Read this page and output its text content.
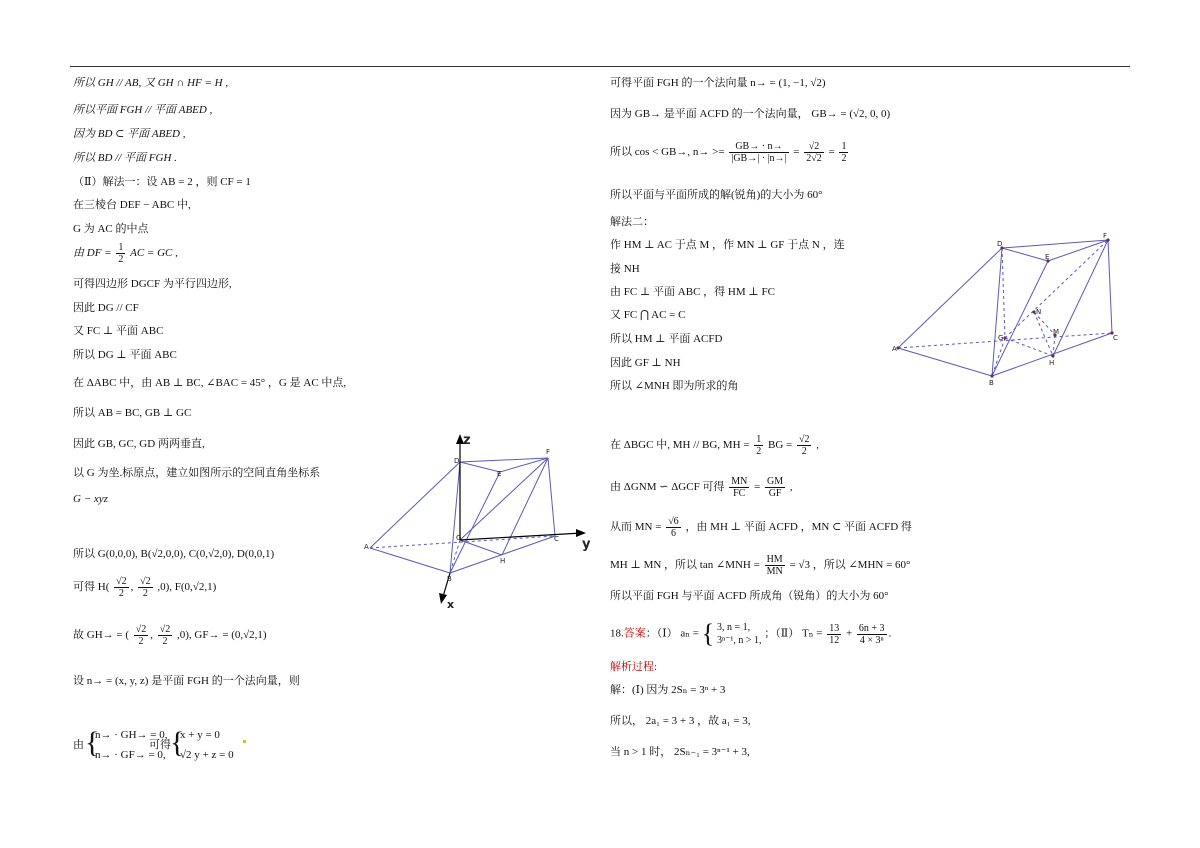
所以 GH // AB, 又 GH ∩ HF = H ,
所以平面 FGH // 平面 ABED ,
因为 BD ⊂ 平面 ABED ,
所以 BD // 平面 FGH .
（Ⅱ）解法一：设 AB = 2 ，则 CF = 1
在三棱台 DEF − ABC 中,
G 为 AC 的中点
由 DF = $\frac{1}{2}$ AC = GC ,
可得四边形 DGCF 为平行四边形,
因此 DG // CF
又 FC ⊥ 平面 ABC
所以 DG ⊥ 平面 ABC
在 ΔABC 中，由 AB ⊥ BC, ∠BAC = 45° ，G 是 AC 中点,
所以 AB = BC, GB ⊥ GC
因此 GB, GC, GD 两两垂直,
以 G 为坐.标原点，建立如图所示的空间直角坐标系
G − xyz
所以 G(0,0,0), B(√2,0,0), C(0,√2,0), D(0,0,1)
可得 $H( \frac{√2}{2}$ , $\frac{√2}{2} ,0$), F(0,√2,1)
故 GH→ = ( $\frac{√2}{2}$ , $\frac{√2}{2} ,0$), GF→ = (0,√2,1)
设 n→ = (x, y, z) 是平面 FGH 的一个法向量，则
由 {
n→ · GH→ = 0,
n→ · GF→ = 0,
可得 {
x + y = 0
√2 y + z = 0
z
D
E
F
A
G	C y
H
B
x
可得平面 FGH 的一个法向量 n→ = (1, −1, √2)
因为 GB→ 是平面 ACFD 的一个法向量， GB→ = (√2, 0, 0)
所以 cos < GB→, $n\to >= \frac{GB\to \cdot n\to}{|GB\to| \cdot |n\to|} = \frac{√2}{2√2} = \frac{1}{2}$
所以平面与平面所成的解(锐角)的大小为 60°
解法二：
作 HM ⊥ AC 于点 M ，作 MN ⊥ GF 于点 N ，连
接 NH
由 FC ⊥ 平面 ABC ，得 HM ⊥ FC
又 FC ⋂ AC = C
所以 HM ⊥ 平面 ACFD
因此 GF ⊥ NH
所以 ∠MNH 即为所求的角
在 ΔBGC 中, MH // BG, MH = $\frac{1}{2}$ BG = $\frac{√2}{2}$ ,
由 ΔGNM ∽ ΔGCF 可得 $\frac{MN}{FC} = \frac{GM}{GF}$ ,
从而 MN = $\frac{√6}{6}$ ，由 MH ⊥ 平面 ACFD ，MN ⊂ 平面 ACFD 得
MH ⊥ MN ，所以 tan ∠MNH = $\frac{HM}{MN} = √3$ ，所以 ∠MHN = 60°
所以平面 FGH 与平面 ACFD 所成角（锐角）的大小为 60°
18.答案：（Ⅰ） aₙ = { 3, n = 1,
3ⁿ⁻¹, n > 1,
；（Ⅱ） $T_n = \frac{13}{12} + \frac{6n + 3}{\text{4 × 3ⁿ}}$ .
解析过程:
解：(Ⅰ) 因为 2Sₙ = 3ⁿ + 3
所以， 2a₁ = 3 + 3 ，故 a₁ = 3,
当 n > 1 时， 2Sₙ₋₁ = 3ⁿ⁻¹ + 3,
D
F
E
N
M
G
A
C
H
B
